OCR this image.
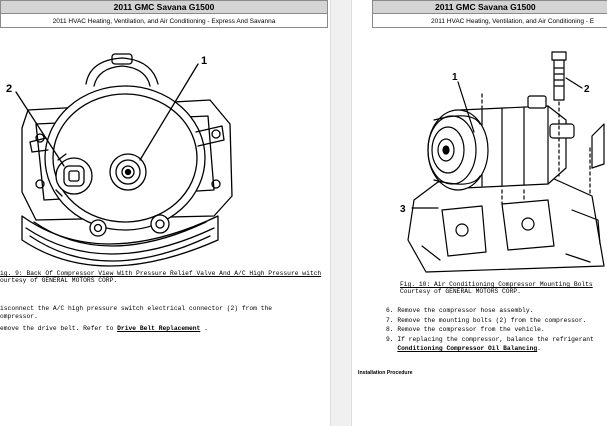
2011 GMC Savana G1500
2011 HVAC Heating, Ventilation, and Air Conditioning - Express And Savanna
1
2
ig. 9: Back Of Compressor View With Pressure Relief Valve And A/C High Pressure witch
ourtesy of GENERAL MOTORS CORP.
isconnect the A/C high pressure switch electrical connector (2) from the
ompressor.
emove the drive belt. Refer to Drive Belt Replacement .
2011 GMC Savana G1500
2011 HVAC Heating, Ventilation, and Air Conditioning - E
1
2
3
Fig. 10: Air Conditioning Compressor Mounting Bolts
Courtesy of GENERAL MOTORS CORP.
6. Remove the compressor hose assembly.
7. Remove the mounting bolts (2) from the compressor.
8. Remove the compressor from the vehicle.
9. If replacing the compressor, balance the refrigerant
Conditioning Compressor Oil Balancing.
Installation Procedure
